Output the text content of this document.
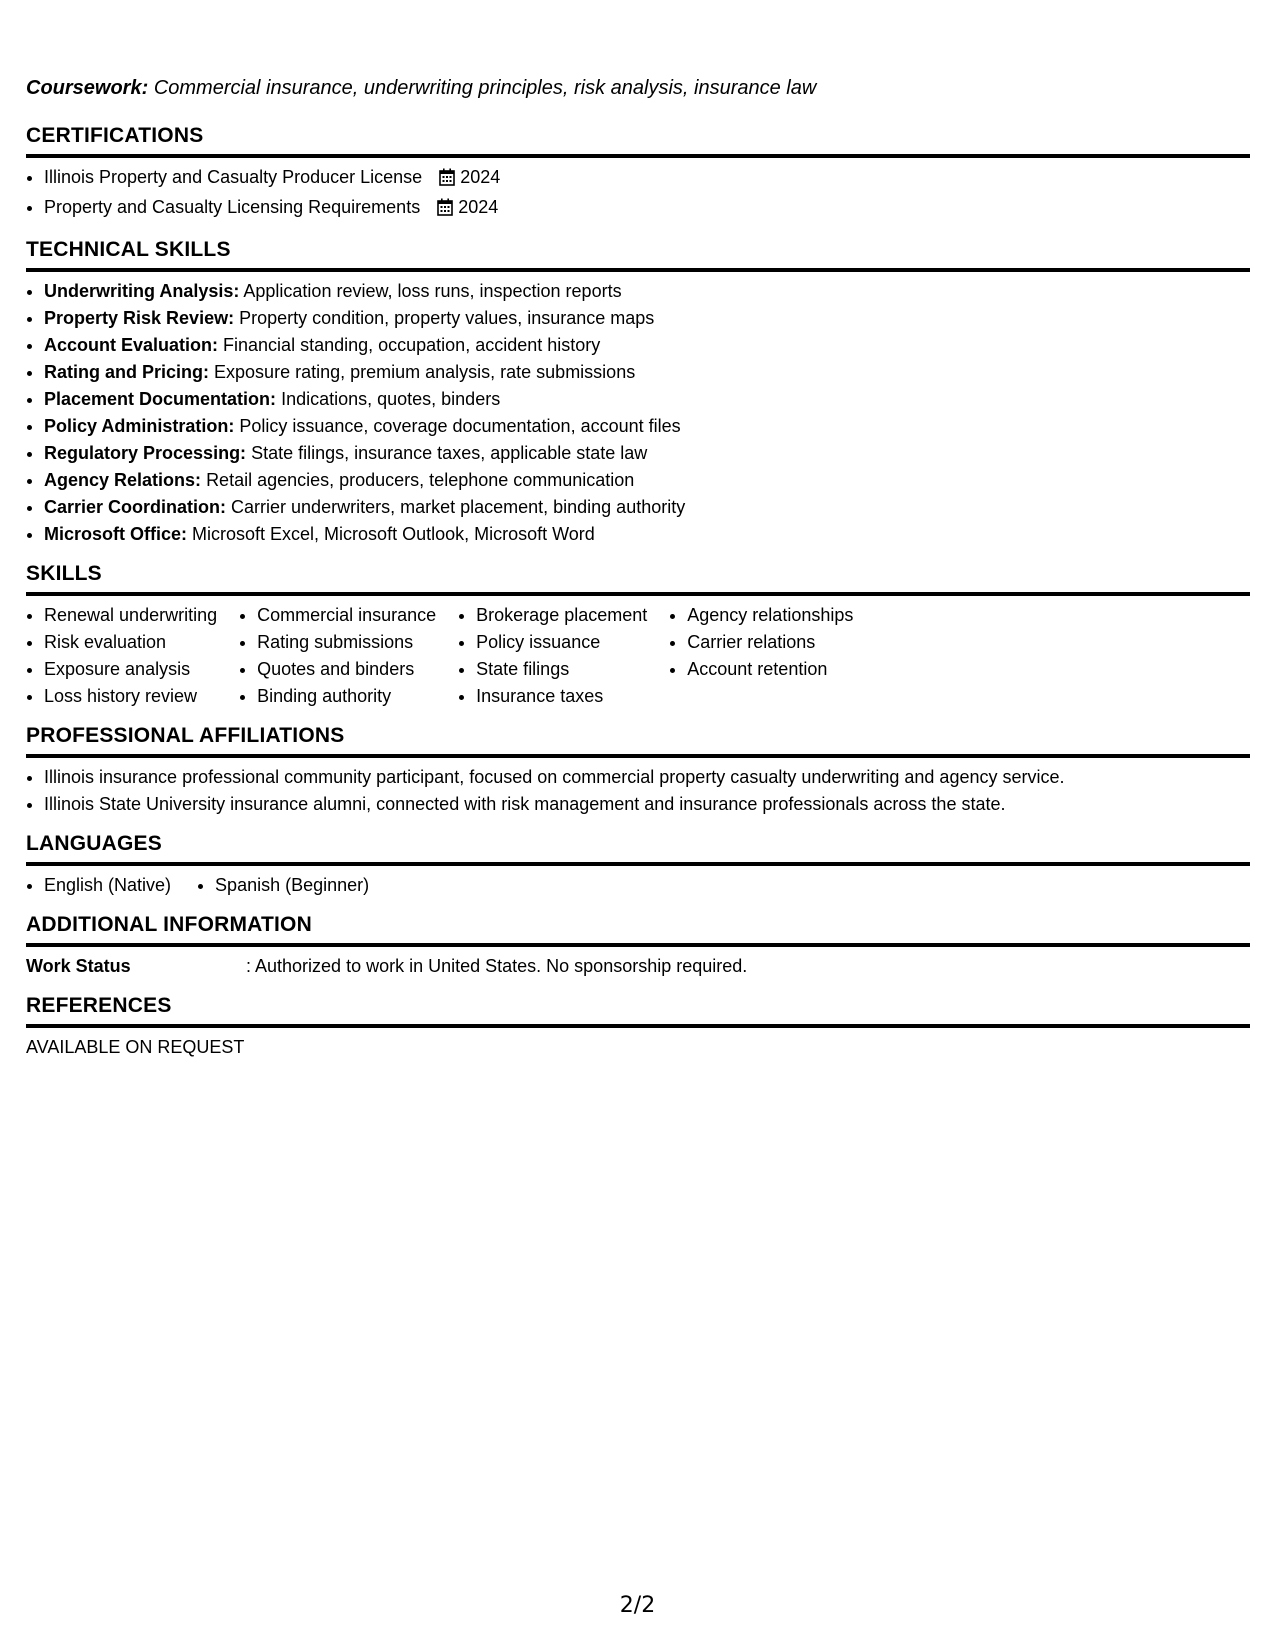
Coursework: Commercial insurance, underwriting principles, risk analysis, insurance law
CERTIFICATIONS
• Illinois Property and Casualty Producer License 2024
• Property and Casualty Licensing Requirements 2024
TECHNICAL SKILLS
• Underwriting Analysis: Application review, loss runs, inspection reports
• Property Risk Review: Property condition, property values, insurance maps
• Account Evaluation: Financial standing, occupation, accident history
• Rating and Pricing: Exposure rating, premium analysis, rate submissions
• Placement Documentation: Indications, quotes, binders
• Policy Administration: Policy issuance, coverage documentation, account files
• Regulatory Processing: State filings, insurance taxes, applicable state law
• Agency Relations: Retail agencies, producers, telephone communication
• Carrier Coordination: Carrier underwriters, market placement, binding authority
• Microsoft Office: Microsoft Excel, Microsoft Outlook, Microsoft Word
SKILLS
• Renewal underwriting
• Risk evaluation
• Exposure analysis
• Loss history review
• Commercial insurance
• Rating submissions
• Quotes and binders
• Binding authority
• Brokerage placement
• Policy issuance
• State filings
• Insurance taxes
• Agency relationships
• Carrier relations
• Account retention
PROFESSIONAL AFFILIATIONS
• Illinois insurance professional community participant, focused on commercial property casualty underwriting and agency service.
• Illinois State University insurance alumni, connected with risk management and insurance professionals across the state.
LANGUAGES
• English (Native)
• Spanish (Beginner)
ADDITIONAL INFORMATION
Work Status	: Authorized to work in United States. No sponsorship required.
REFERENCES
AVAILABLE ON REQUEST
2/2
